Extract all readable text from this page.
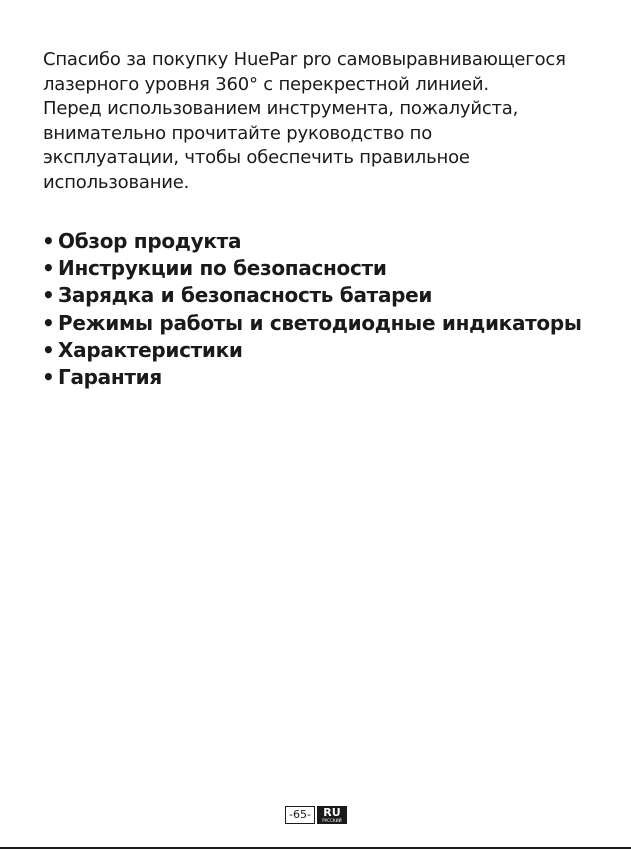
Спасибо за покупку HuePar pro самовыравнивающегося
лазерного уровня 360° с перекрестной линией.
Перед использованием инструмента, пожалуйста,
внимательно прочитайте руководство по
эксплуатации, чтобы обеспечить правильное
использование.
• Обзор продукта
• Инструкции по безопасности
• Зарядка и безопасность батареи
• Режимы работы и светодиодные индикаторы
• Характеристики
• Гарантия
-65-	RU
РУССКИЙ
